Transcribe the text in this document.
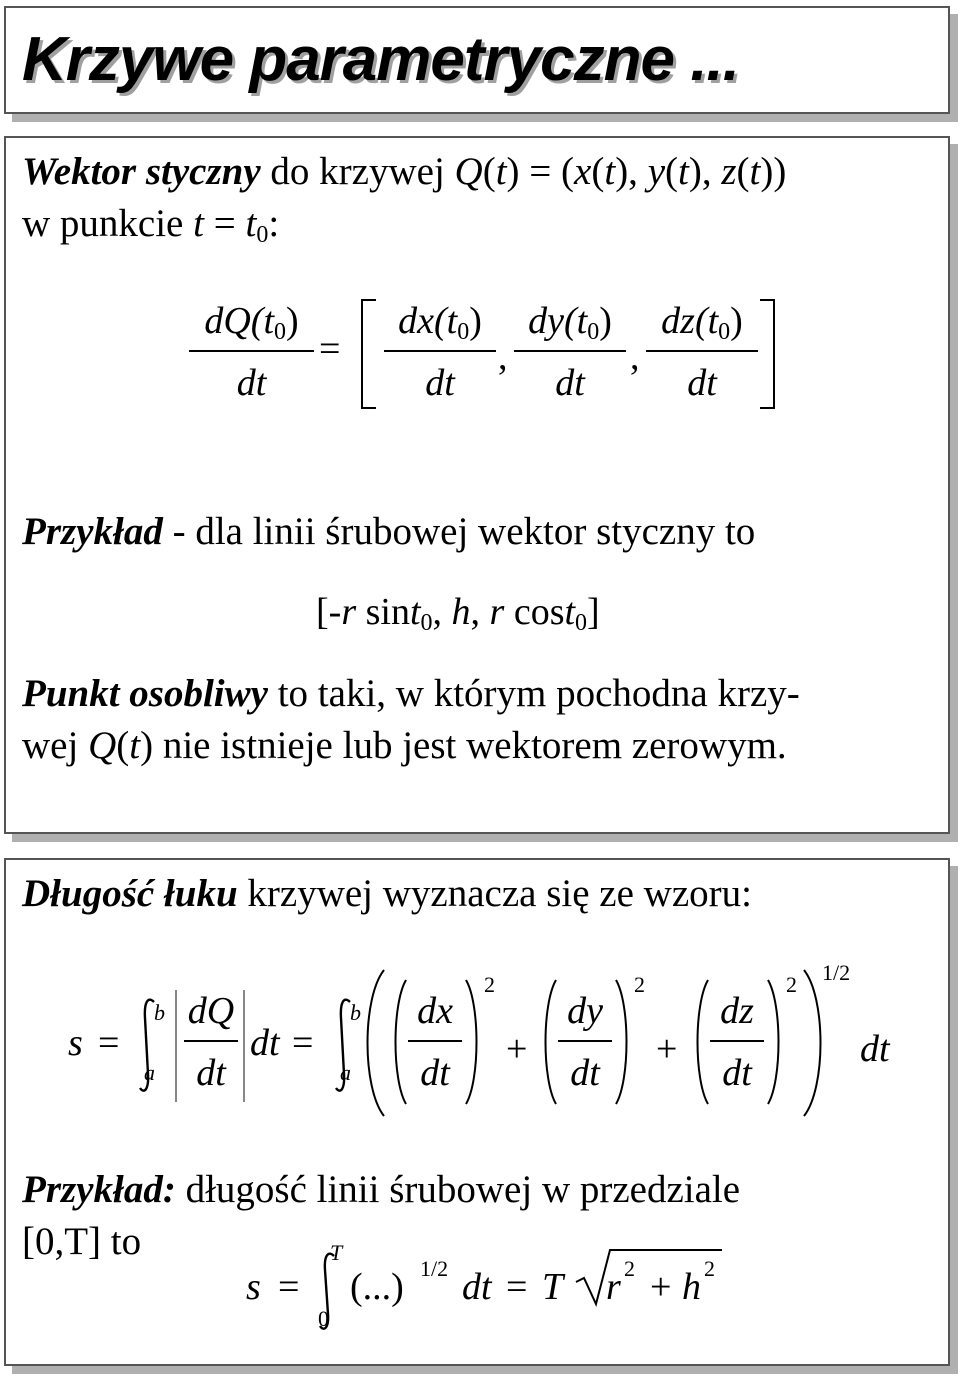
Krzywe parametryczne ...

Wektor styczny do krzywej Q(t) = (x(t), y(t), z(t))

w punkcie $t = t_0$:

$dQ(t_0)$
dt
=
$dx(t_0)$
dt
,
$dy(t_0)$
dt
,
$dz(t_0)$
dt

Przykład - dla linii śrubowej wektor styczny to

[-r sint$_0$, h, r cost$_0$]

Punkt osobliwy to taki, w którym pochodna krzy-

wej Q(t) nie istnieje lub jest wektorem zerowym.

Długość łuku krzywej wyznacza się ze wzoru:

s =
b
a
dQ
dt
dt =
b
a
dx
dt
2
+
dy
dt
2
+
dz
dt
2 1/2
dt

Przykład: długość linii śrubowej w przedziale

[0,T] to

s =
T
0
(...) 1/2 dt = T r 2 + h 2
